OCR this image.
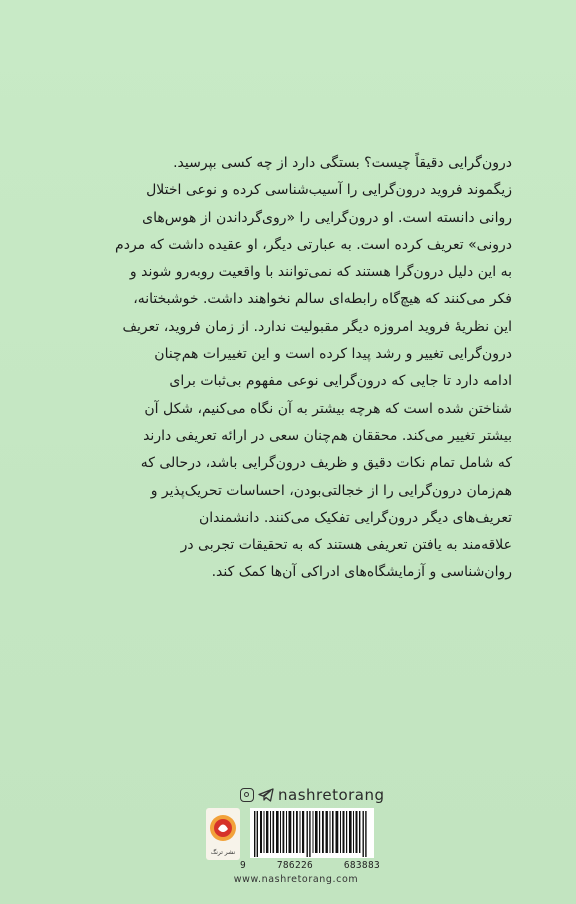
درون‌گرایی دقیقاً چیست؟ بستگی دارد از چه کسی بپرسید.

زیگموند فروید درون‌گرایی را آسیب‌شناسی کرده و نوعی اختلال

روانی دانسته است. او درون‌گرایی را «روی‌گرداندن از هوس‌های

درونی» تعریف کرده است. به عبارتی دیگر، او عقیده داشت که مردم

به این دلیل درون‌گرا هستند که نمی‌توانند با واقعیت روبه‌رو شوند و

فکر می‌کنند که هیچ‌گاه رابطه‌ای سالم نخواهند داشت. خوشبختانه،

این نظریهٔ فروید امروزه دیگر مقبولیت ندارد. از زمان فروید، تعریف

درون‌گرایی تغییر و رشد پیدا کرده است و این تغییرات هم‌چنان

ادامه دارد تا جایی که درون‌گرایی نوعی مفهوم بی‌ثبات برای

شناختن شده است که هرچه بیشتر به آن نگاه می‌کنیم، شکل آن

بیشتر تغییر می‌کند. محققان هم‌چنان سعی در ارائه تعریفی دارند

که شامل تمام نکات دقیق و ظریف درون‌گرایی باشد، درحالی که

هم‌زمان درون‌گرایی را از خجالتی‌بودن، احساسات تحریک‌پذیر و

تعریف‌های دیگر درون‌گرایی تفکیک می‌کنند. دانشمندان

علاقه‌مند به یافتن تعریفی هستند که به تحقیقات تجربی در

روان‌شناسی و آزمایشگاه‌های ادراکی آن‌ها کمک کند.

nashretorang
نشر ترنگ
9	786226	683883
www.nashretorang.com
